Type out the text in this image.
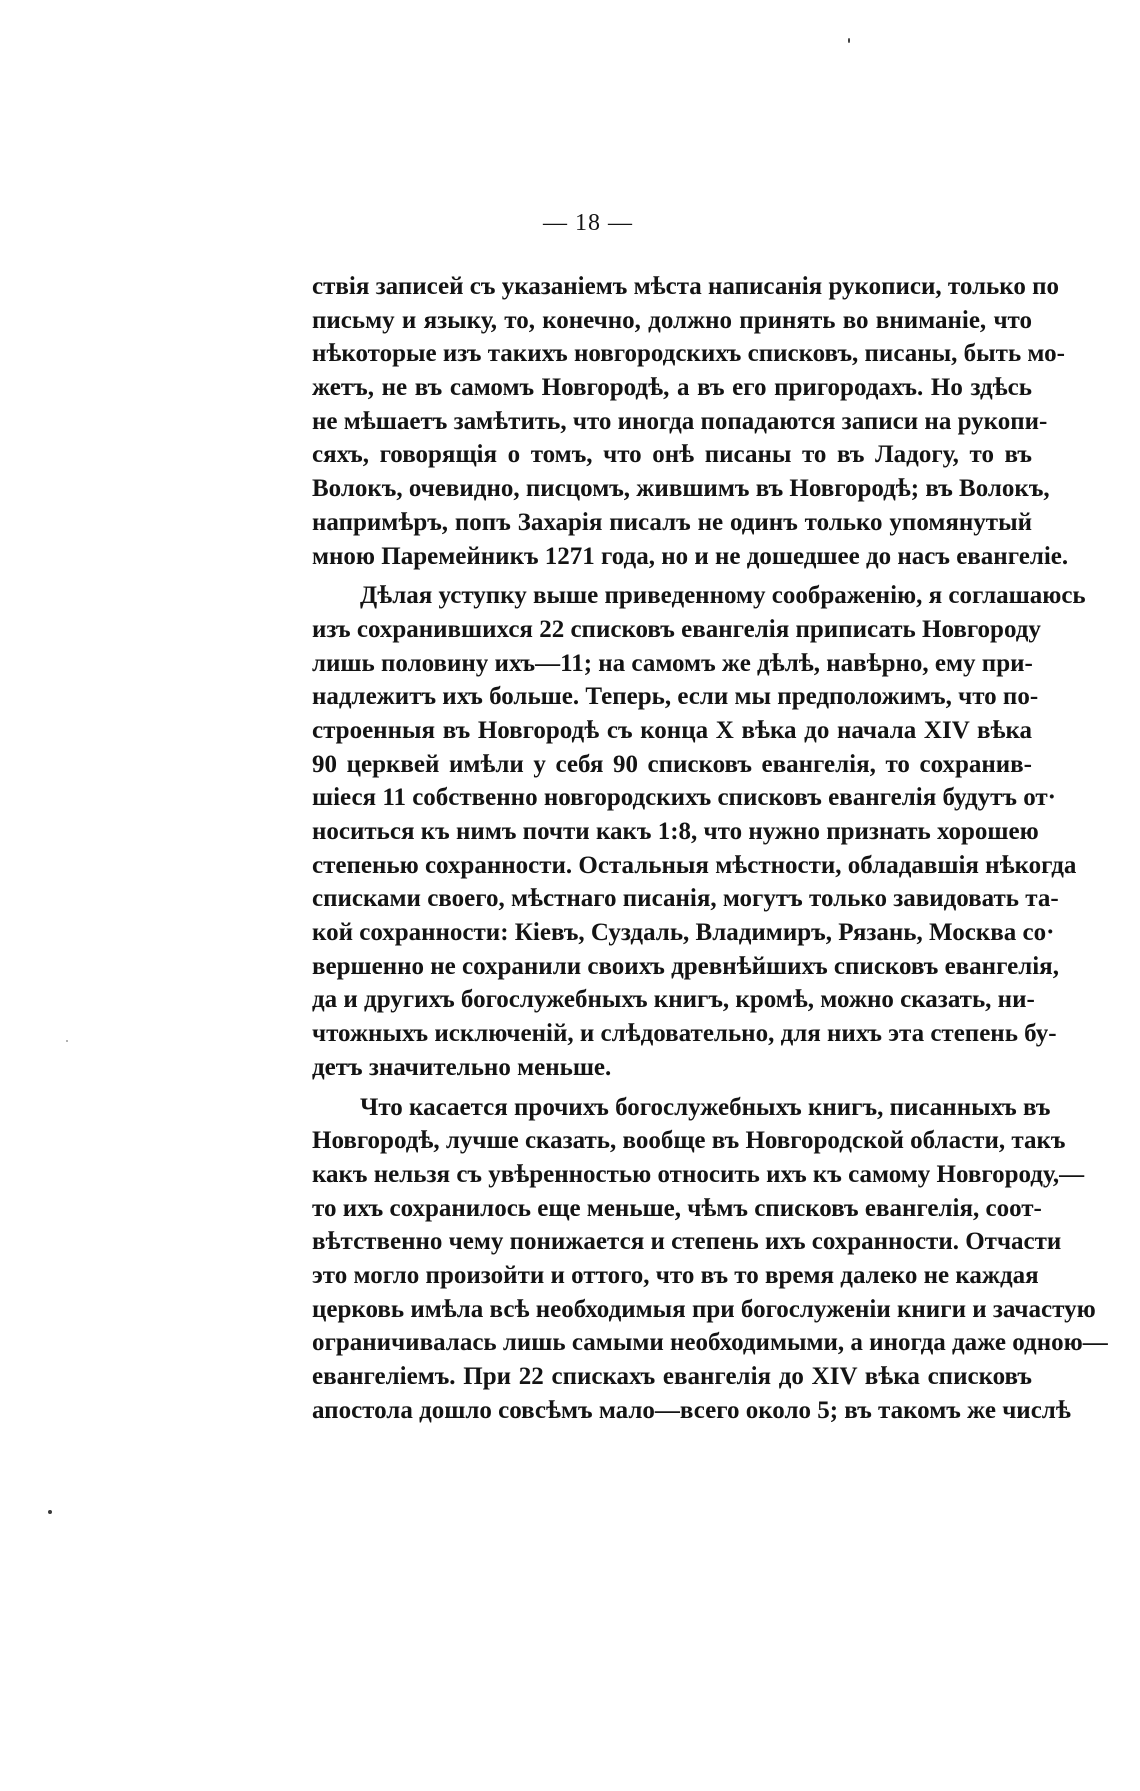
— 18 —
ствія записей съ указаніемъ мѣста написанія рукописи, только по
письму и языку, то, конечно, должно принять во вниманіе, что
нѣкоторые изъ такихъ новгородскихъ списковъ, писаны, быть мо-
жетъ, не въ самомъ Новгородѣ, а въ его пригородахъ. Но здѣсь
не мѣшаетъ замѣтить, что иногда попадаются записи на рукопи-
сяхъ, говорящія о томъ, что онѣ писаны то въ Ладогу, то въ
Волокъ, очевидно, писцомъ, жившимъ въ Новгородѣ; въ Волокъ,
напримѣръ, попъ Захарія писалъ не одинъ только упомянутый
мною Паремейникъ 1271 года, но и не дошедшее до насъ евангеліе.
Дѣлая уступку выше приведенному соображенію, я соглашаюсь
изъ сохранившихся 22 списковъ евангелія приписать Новгороду
лишь половину ихъ—11; на самомъ же дѣлѣ, навѣрно, ему при-
надлежитъ ихъ больше. Теперь, если мы предположимъ, что по-
строенныя въ Новгородѣ съ конца X вѣка до начала XIV вѣка
90 церквей имѣли у себя 90 списковъ евангелія, то сохранив-
шіеся 11 собственно новгородскихъ списковъ евангелія будутъ от·
носиться къ нимъ почти какъ 1:8, что нужно признать хорошею
степенью сохранности. Остальныя мѣстности, обладавшія нѣкогда
списками своего, мѣстнаго писанія, могутъ только завидовать та-
кой сохранности: Кіевъ, Суздаль, Владимиръ, Рязань, Москва со·
вершенно не сохранили своихъ древнѣйшихъ списковъ евангелія,
да и другихъ богослужебныхъ книгъ, кромѣ, можно сказать, ни-
чтожныхъ исключеній, и слѣдовательно, для нихъ эта степень бу-
детъ значительно меньше.
Что касается прочихъ богослужебныхъ книгъ, писанныхъ въ
Новгородѣ, лучше сказать, вообще въ Новгородской области, такъ
какъ нельзя съ увѣренностью относить ихъ къ самому Новгороду,—
то ихъ сохранилось еще меньше, чѣмъ списковъ евангелія, соот-
вѣтственно чему понижается и степень ихъ сохранности. Отчасти
это могло произойти и оттого, что въ то время далеко не каждая
церковь имѣла всѣ необходимыя при богослуженіи книги и зачастую
ограничивалась лишь самыми необходимыми, а иногда даже одною—
евангеліемъ. При 22 спискахъ евангелія до XIV вѣка списковъ
апостола дошло совсѣмъ мало—всего около 5; въ такомъ же числѣ
